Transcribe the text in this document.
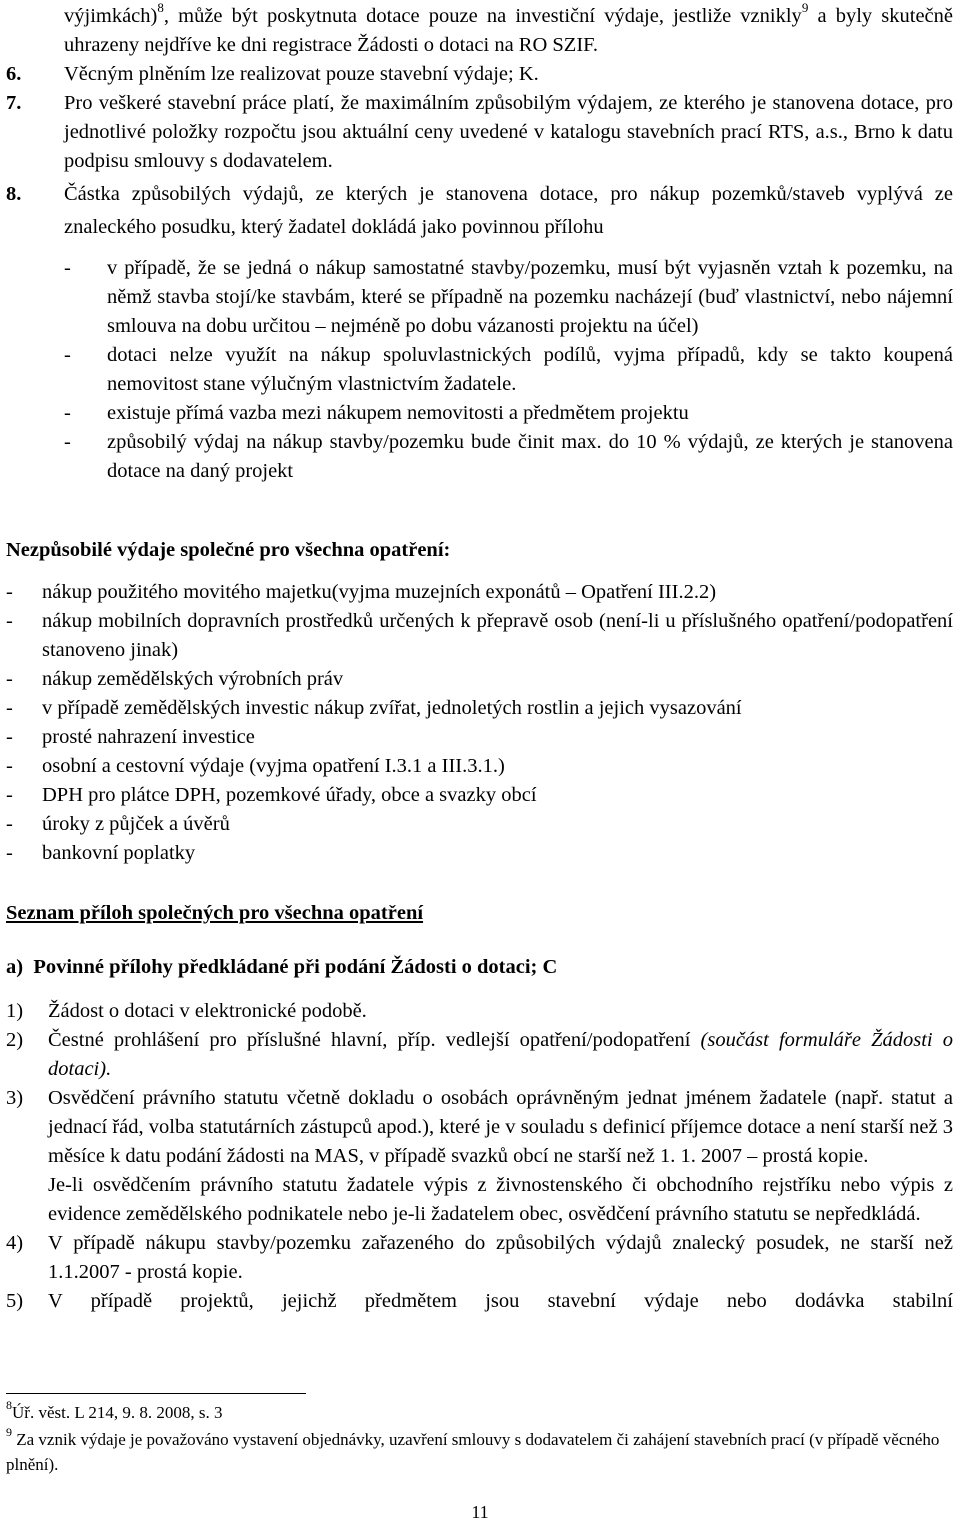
výjimkách)$^8$, může být poskytnuta dotace pouze na investiční výdaje, jestliže vznikly$^9$ a byly skutečně uhrazeny nejdříve ke dni registrace Žádosti o dotaci na RO SZIF.
6. Věcným plněním lze realizovat pouze stavební výdaje; K.
7. Pro veškeré stavební práce platí, že maximálním způsobilým výdajem, ze kterého je stanovena dotace, pro jednotlivé položky rozpočtu jsou aktuální ceny uvedené v katalogu stavebních prací RTS, a.s., Brno k datu podpisu smlouvy s dodavatelem.
8. Částka způsobilých výdajů, ze kterých je stanovena dotace, pro nákup pozemků/staveb vyplývá ze znaleckého posudku, který žadatel dokládá jako povinnou přílohu
- v případě, že se jedná o nákup samostatné stavby/pozemku, musí být vyjasněn vztah k pozemku, na němž stavba stojí/ke stavbám, které se případně na pozemku nacházejí (buď vlastnictví, nebo nájemní smlouva na dobu určitou – nejméně po dobu vázanosti projektu na účel)
- dotaci nelze využít na nákup spoluvlastnických podílů, vyjma případů, kdy se takto koupená nemovitost stane výlučným vlastnictvím žadatele.
- existuje přímá vazba mezi nákupem nemovitosti a předmětem projektu
- způsobilý výdaj na nákup stavby/pozemku bude činit max. do 10 % výdajů, ze kterých je stanovena dotace na daný projekt
Nezpůsobilé výdaje společné pro všechna opatření:
- nákup použitého movitého majetku(vyjma muzejních exponátů – Opatření III.2.2)
- nákup mobilních dopravních prostředků určených k přepravě osob (není-li u příslušného opatření/podopatření stanoveno jinak)
- nákup zemědělských výrobních práv
- v případě zemědělských investic nákup zvířat, jednoletých rostlin a jejich vysazování
- prosté nahrazení investice
- osobní a cestovní výdaje (vyjma opatření I.3.1 a III.3.1.)
- DPH pro plátce DPH, pozemkové úřady, obce a svazky obcí
- úroky z půjček a úvěrů
- bankovní poplatky
Seznam příloh společných pro všechna opatření
a)  Povinné přílohy předkládané při podání Žádosti o dotaci; C
1) Žádost o dotaci v elektronické podobě.
2) Čestné prohlášení pro příslušné hlavní, příp. vedlejší opatření/podopatření (součást formuláře Žádosti o dotaci).
3) Osvědčení právního statutu včetně dokladu o osobách oprávněným jednat jménem žadatele (např. statut a jednací řád, volba statutárních zástupců apod.), které je v souladu s definicí příjemce dotace a není starší než 3 měsíce k datu podání žádosti na MAS, v případě svazků obcí ne starší než 1. 1. 2007 – prostá kopie.
Je-li osvědčením právního statutu žadatele výpis z živnostenského či obchodního rejstříku nebo výpis z evidence zemědělského podnikatele nebo je-li žadatelem obec, osvědčení právního statutu se nepředkládá.
4) V případě nákupu stavby/pozemku zařazeného do způsobilých výdajů znalecký posudek, ne starší než 1.1.2007 - prostá kopie.
5) V případě projektů, jejichž předmětem jsou stavební výdaje nebo dodávka stabilní
$^8$Úř. věst. L 214, 9. 8. 2008, s. 3
$^9$ Za vznik výdaje je považováno vystavení objednávky, uzavření smlouvy s dodavatelem či zahájení stavebních prací (v případě věcného plnění).
11
